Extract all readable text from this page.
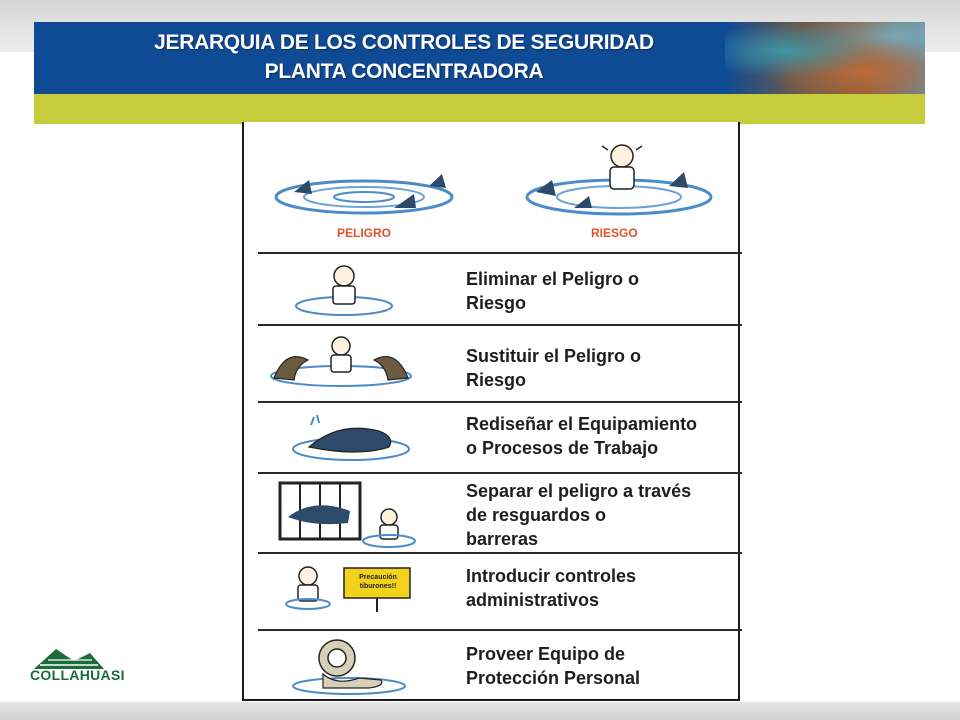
JERARQUIA DE LOS CONTROLES DE SEGURIDAD
PLANTA CONCENTRADORA
PELIGRO	RIESGO
Eliminar el Peligro o
Riesgo
Sustituir el Peligro o
Riesgo
Rediseñar el Equipamiento
o Procesos de Trabajo
Separar el peligro a través
de resguardos o
barreras
Precaución tiburones!!
Introducir controles
administrativos
Proveer Equipo de
Protección Personal
COLLAHUASI
